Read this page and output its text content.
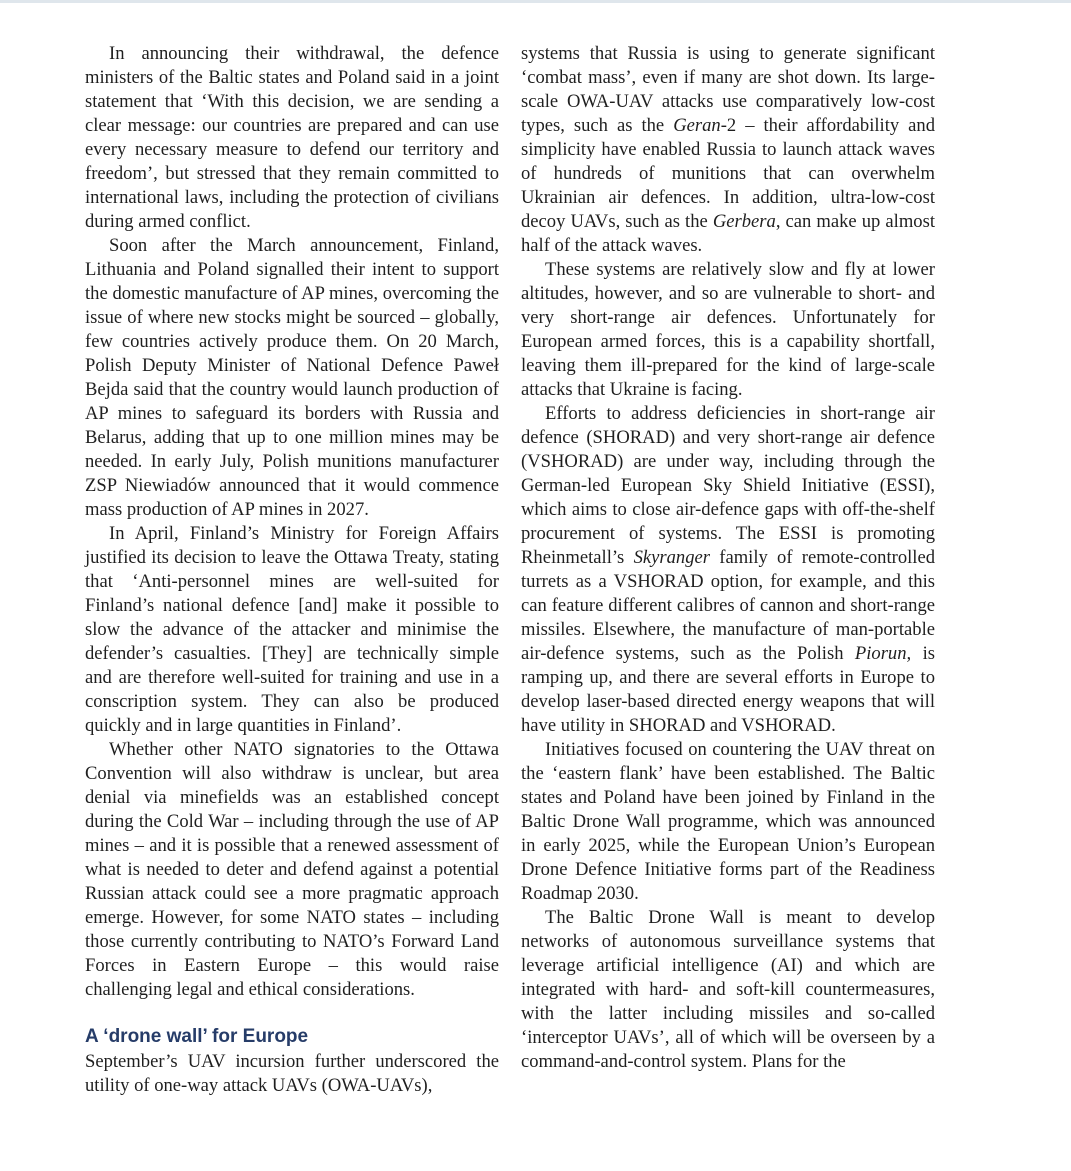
In announcing their withdrawal, the defence ministers of the Baltic states and Poland said in a joint statement that ‘With this decision, we are sending a clear message: our countries are prepared and can use every necessary measure to defend our territory and freedom’, but stressed that they remain committed to international laws, including the protection of civilians during armed conflict.

Soon after the March announcement, Finland, Lithuania and Poland signalled their intent to support the domestic manufacture of AP mines, overcoming the issue of where new stocks might be sourced – globally, few countries actively produce them. On 20 March, Polish Deputy Minister of National Defence Paweł Bejda said that the country would launch production of AP mines to safeguard its borders with Russia and Belarus, adding that up to one million mines may be needed. In early July, Polish munitions manufacturer ZSP Niewiadów announced that it would commence mass production of AP mines in 2027.

In April, Finland’s Ministry for Foreign Affairs justified its decision to leave the Ottawa Treaty, stating that ‘Anti-personnel mines are well-suited for Finland’s national defence [and] make it possible to slow the advance of the attacker and minimise the defender’s casualties. [They] are technically simple and are therefore well-suited for training and use in a conscription system. They can also be produced quickly and in large quantities in Finland’.

Whether other NATO signatories to the Ottawa Convention will also withdraw is unclear, but area denial via minefields was an established concept during the Cold War – including through the use of AP mines – and it is possible that a renewed assessment of what is needed to deter and defend against a potential Russian attack could see a more pragmatic approach emerge. However, for some NATO states – including those currently contributing to NATO’s Forward Land Forces in Eastern Europe – this would raise challenging legal and ethical considerations.

A ‘drone wall’ for Europe

September’s UAV incursion further underscored the utility of one-way attack UAVs (OWA-UAVs),

systems that Russia is using to generate significant ‘combat mass’, even if many are shot down. Its large-scale OWA-UAV attacks use comparatively low-cost types, such as the Geran-2 – their affordability and simplicity have enabled Russia to launch attack waves of hundreds of munitions that can overwhelm Ukrainian air defences. In addition, ultra-low-cost decoy UAVs, such as the Gerbera, can make up almost half of the attack waves.

These systems are relatively slow and fly at lower altitudes, however, and so are vulnerable to short- and very short-range air defences. Unfortunately for European armed forces, this is a capability shortfall, leaving them ill-prepared for the kind of large-scale attacks that Ukraine is facing.

Efforts to address deficiencies in short-range air defence (SHORAD) and very short-range air defence (VSHORAD) are under way, including through the German-led European Sky Shield Initiative (ESSI), which aims to close air-defence gaps with off-the-shelf procurement of systems. The ESSI is promoting Rheinmetall’s Skyranger family of remote-controlled turrets as a VSHORAD option, for example, and this can feature different calibres of cannon and short-range missiles. Elsewhere, the manufacture of man-portable air-defence systems, such as the Polish Piorun, is ramping up, and there are several efforts in Europe to develop laser-based directed energy weapons that will have utility in SHORAD and VSHORAD.

Initiatives focused on countering the UAV threat on the ‘eastern flank’ have been established. The Baltic states and Poland have been joined by Finland in the Baltic Drone Wall programme, which was announced in early 2025, while the European Union’s European Drone Defence Initiative forms part of the Readiness Roadmap 2030.

The Baltic Drone Wall is meant to develop networks of autonomous surveillance systems that leverage artificial intelligence (AI) and which are integrated with hard- and soft-kill countermeasures, with the latter including missiles and so-called ‘interceptor UAVs’, all of which will be overseen by a command-and-control system. Plans for the
